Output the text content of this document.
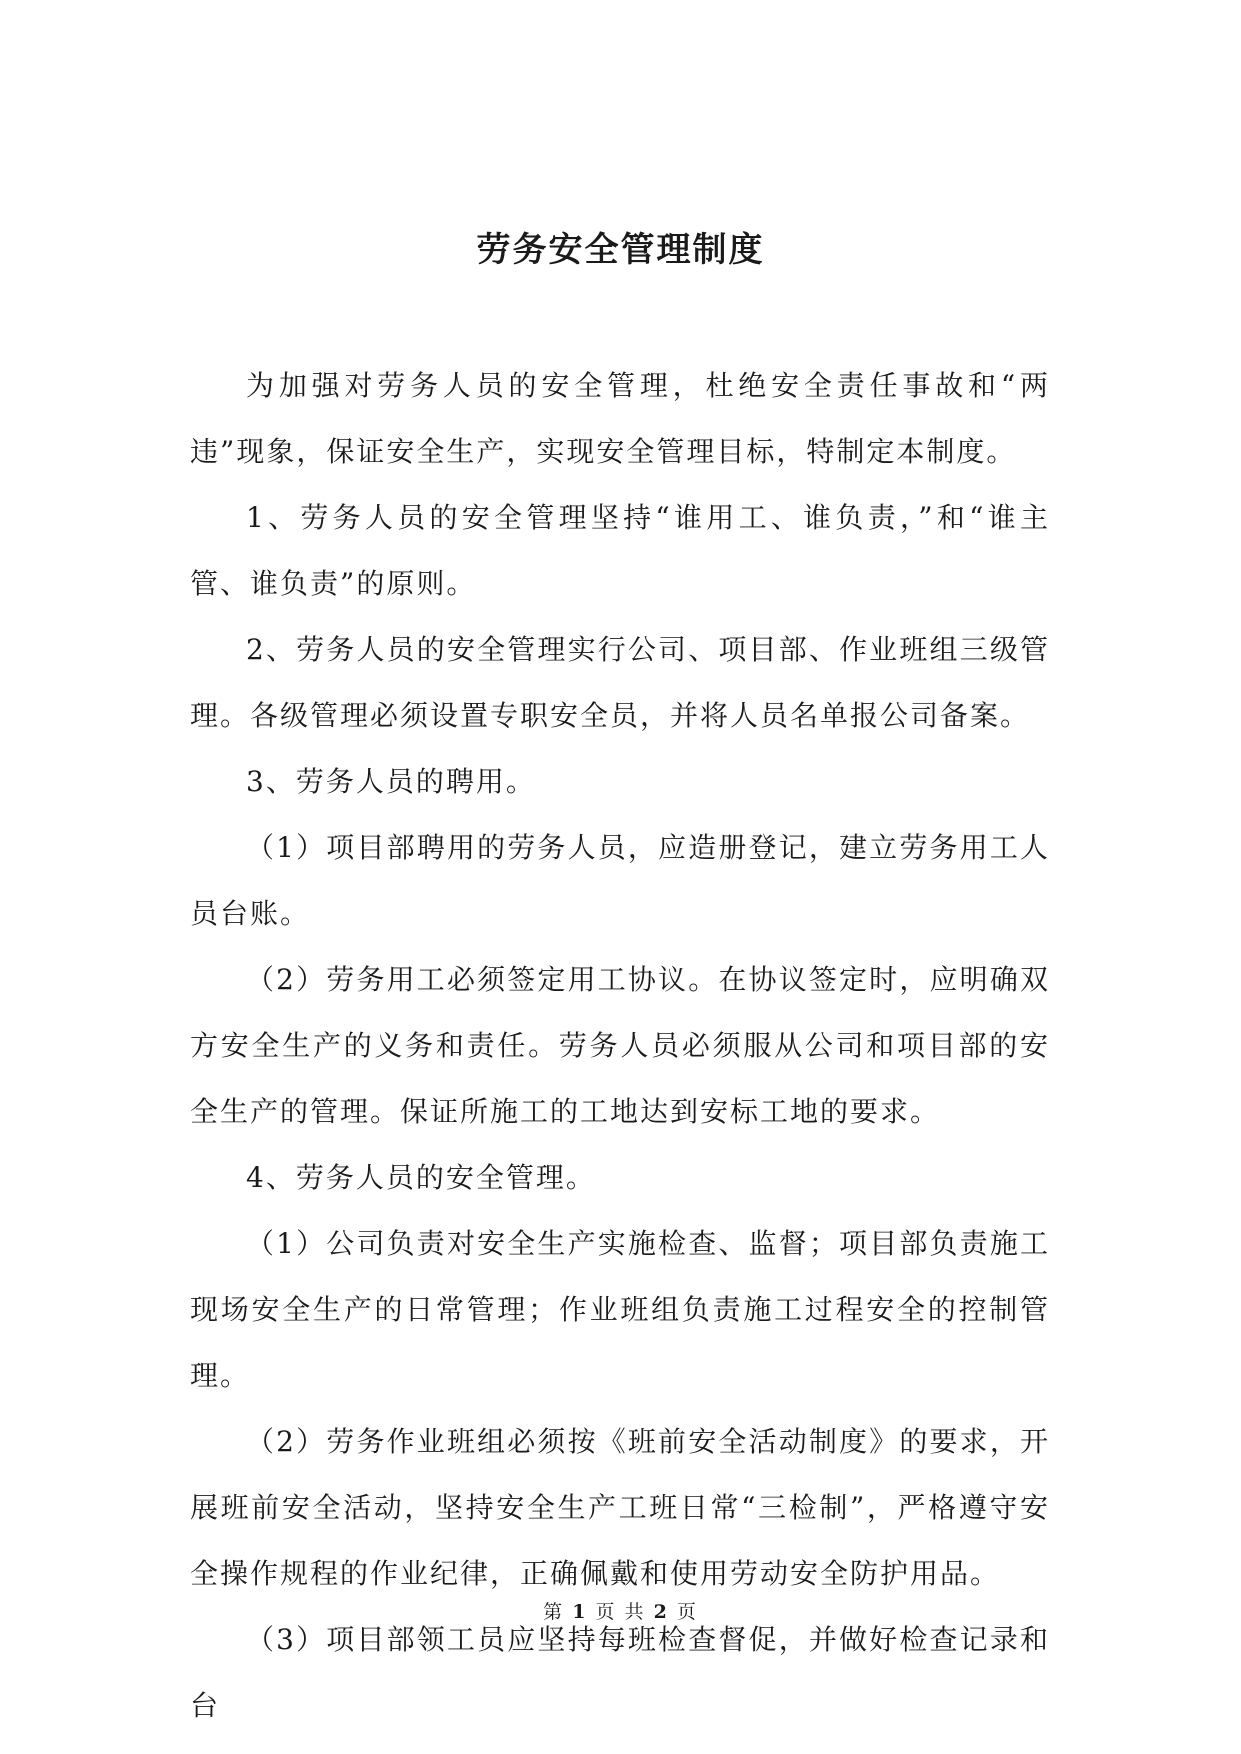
劳务安全管理制度

为加强对劳务人员的安全管理，杜绝安全责任事故和“两违”现象，保证安全生产，实现安全管理目标，特制定本制度。

1、劳务人员的安全管理坚持“谁用工、谁负责，”和“谁主管、谁负责”的原则。

2、劳务人员的安全管理实行公司、项目部、作业班组三级管理。各级管理必须设置专职安全员，并将人员名单报公司备案。

3、劳务人员的聘用。

（1）项目部聘用的劳务人员，应造册登记，建立劳务用工人员台账。

（2）劳务用工必须签定用工协议。在协议签定时，应明确双方安全生产的义务和责任。劳务人员必须服从公司和项目部的安全生产的管理。保证所施工的工地达到安标工地的要求。

4、劳务人员的安全管理。

（1）公司负责对安全生产实施检查、监督；项目部负责施工现场安全生产的日常管理；作业班组负责施工过程安全的控制管理。

（2）劳务作业班组必须按《班前安全活动制度》的要求，开展班前安全活动，坚持安全生产工班日常“三检制”，严格遵守安全操作规程的作业纪律，正确佩戴和使用劳动安全防护用品。

（3）项目部领工员应坚持每班检查督促，并做好检查记录和台

第 1 页 共 2 页
